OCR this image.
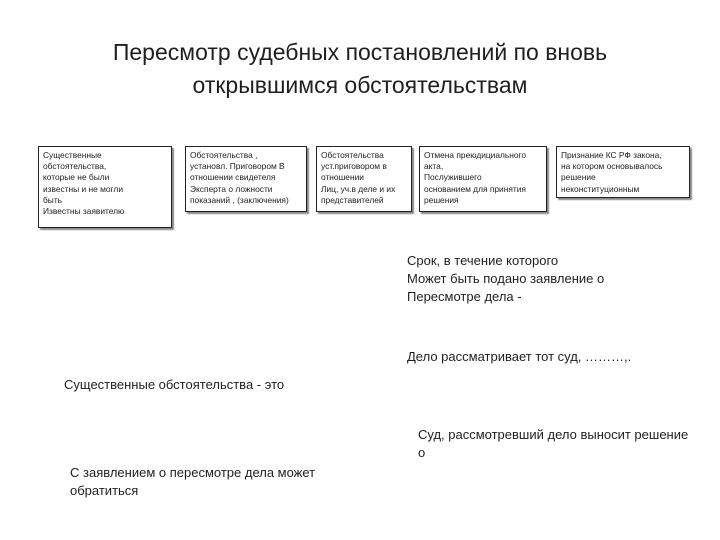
Пересмотр судебных постановлений по вновь
открывшимся обстоятельствам
Существенные
обстоятельства,
которые не были
известны и не могли
быть
Известны заявителю
Обстоятельства ,
установл. Приговором В
отношении свидетеля
Эксперта о ложности
показаний , (заключения)
Обстоятельства
уст.приговором в
отношении
Лиц, уч.в деле и их
представителей
Отмена преюдициального
акта,
Послужившего
основанием для принятия
решения
Признание КС РФ закона,
на котором основывалось
решение
неконституционным
Срок, в течение которого
Может быть подано заявление о
Пересмотре дела -
Дело рассматривает тот суд, ………,.
Существенные обстоятельства - это
Суд, рассмотревший дело выносит решение
о
С заявлением о пересмотре дела может
обратиться
